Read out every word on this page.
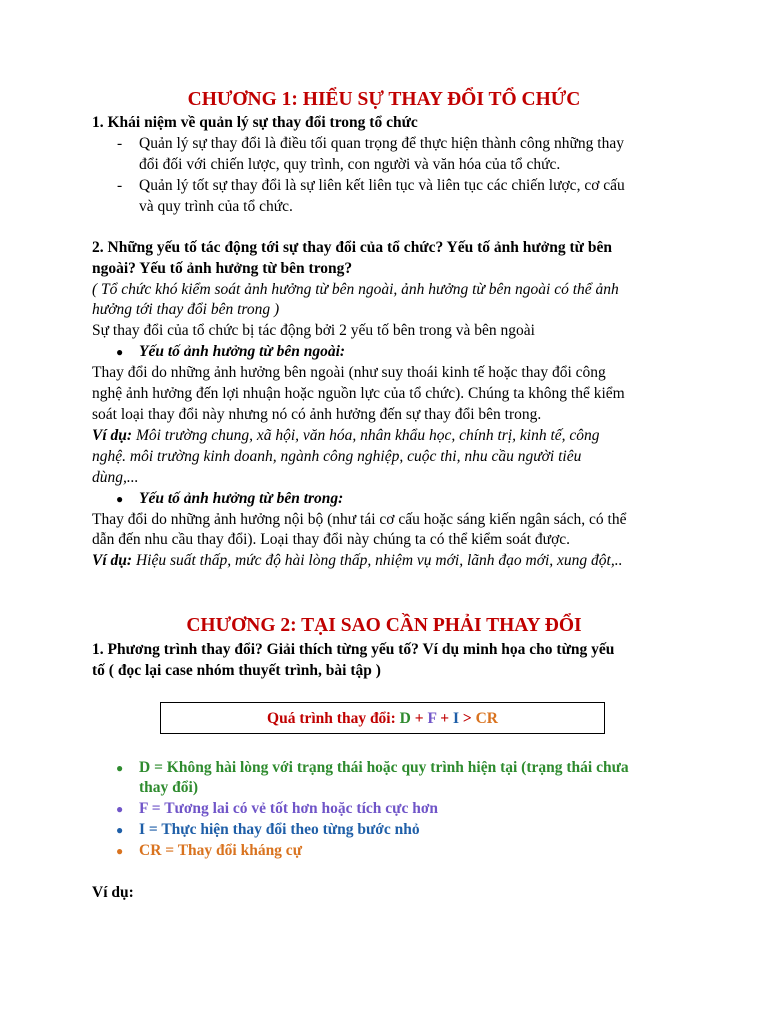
CHƯƠNG 1: HIỂU SỰ THAY ĐỔI TỔ CHỨC
1. Khái niệm về quản lý sự thay đổi trong tổ chức
- Quản lý sự thay đổi là điều tối quan trọng để thực hiện thành công những thay
đổi đối với chiến lược, quy trình, con người và văn hóa của tổ chức.
- Quản lý tốt sự thay đổi là sự liên kết liên tục và liên tục các chiến lược, cơ cấu
và quy trình của tổ chức.
2. Những yếu tố tác động tới sự thay đổi của tổ chức? Yếu tố ảnh hưởng từ bên
ngoài? Yếu tố ảnh hưởng từ bên trong?
( Tổ chức khó kiểm soát ảnh hưởng từ bên ngoài, ảnh hưởng từ bên ngoài có thể ảnh
hưởng tới thay đổi bên trong )
Sự thay đổi của tổ chức bị tác động bởi 2 yếu tố bên trong và bên ngoài
● Yếu tố ảnh hưởng từ bên ngoài:
Thay đổi do những ảnh hưởng bên ngoài (như suy thoái kinh tế hoặc thay đổi công
nghệ ảnh hưởng đến lợi nhuận hoặc nguồn lực của tổ chức). Chúng ta không thể kiểm
soát loại thay đổi này nhưng nó có ảnh hưởng đến sự thay đổi bên trong.
Ví dụ: Môi trường chung, xã hội, văn hóa, nhân khẩu học, chính trị, kinh tế, công
nghệ. môi trường kinh doanh, ngành công nghiệp, cuộc thi, nhu cầu người tiêu
dùng,...
● Yếu tố ảnh hưởng từ bên trong:
Thay đổi do những ảnh hưởng nội bộ (như tái cơ cấu hoặc sáng kiến ngân sách, có thể
dẫn đến nhu cầu thay đổi). Loại thay đổi này chúng ta có thể kiểm soát được.
Ví dụ: Hiệu suất thấp, mức độ hài lòng thấp, nhiệm vụ mới, lãnh đạo mới, xung đột,..
CHƯƠNG 2: TẠI SAO CẦN PHẢI THAY ĐỔI
1. Phương trình thay đổi? Giải thích từng yếu tố? Ví dụ minh họa cho từng yếu
tố ( đọc lại case nhóm thuyết trình, bài tập )
Quá trình thay đổi: D + F + I > CR
● D = Không hài lòng với trạng thái hoặc quy trình hiện tại (trạng thái chưa
thay đổi)
● F = Tương lai có vẻ tốt hơn hoặc tích cực hơn
● I = Thực hiện thay đổi theo từng bước nhỏ
● CR = Thay đổi kháng cự
Ví dụ:
